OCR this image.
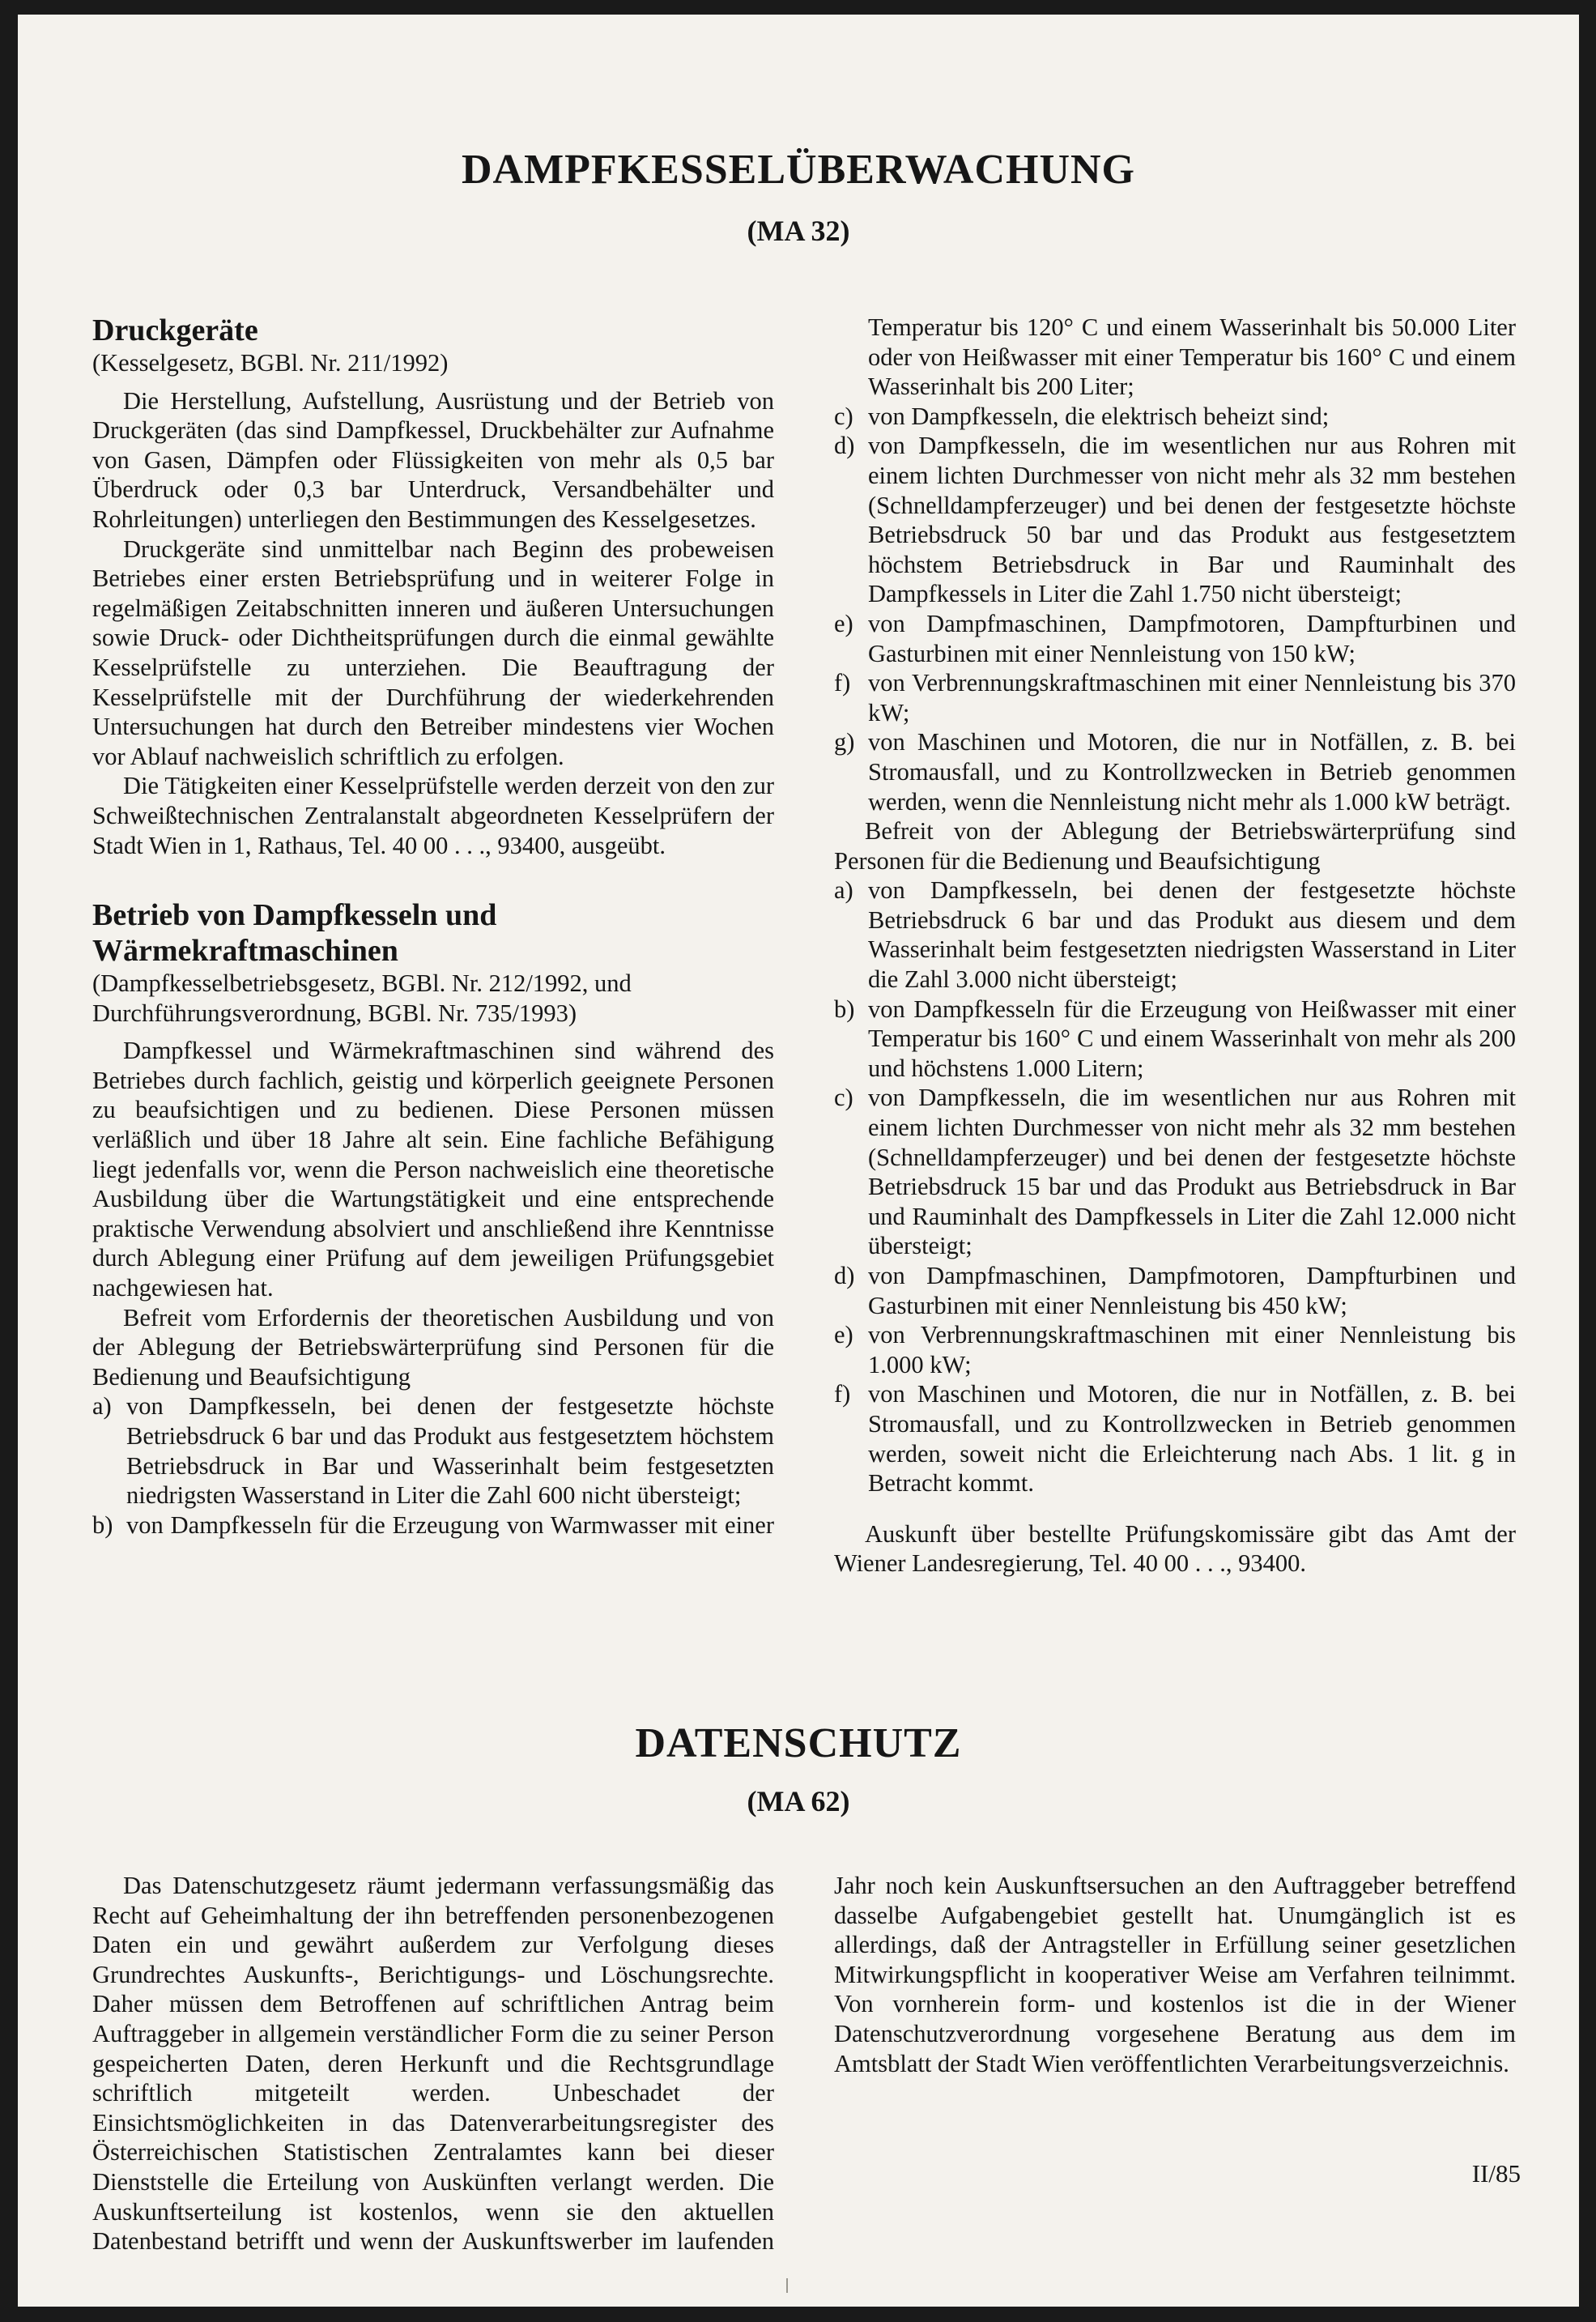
DAMPFKESSELÜBERWACHUNG
(MA 32)
Druckgeräte

(Kesselgesetz, BGBl. Nr. 211/1992)

Die Herstellung, Aufstellung, Ausrüstung und der Betrieb von Druckgeräten (das sind Dampfkessel, Druckbehälter zur Aufnahme von Gasen, Dämpfen oder Flüssigkeiten von mehr als 0,5 bar Überdruck oder 0,3 bar Unterdruck, Versandbehälter und Rohrleitungen) unterliegen den Bestimmungen des Kesselgesetzes.

Druckgeräte sind unmittelbar nach Beginn des probeweisen Betriebes einer ersten Betriebsprüfung und in weiterer Folge in regelmäßigen Zeitabschnitten inneren und äußeren Untersuchungen sowie Druck- oder Dichtheitsprüfungen durch die einmal gewählte Kesselprüfstelle zu unterziehen. Die Beauftragung der Kesselprüfstelle mit der Durchführung der wiederkehrenden Untersuchungen hat durch den Betreiber mindestens vier Wochen vor Ablauf nachweislich schriftlich zu erfolgen.

Die Tätigkeiten einer Kesselprüfstelle werden derzeit von den zur Schweißtechnischen Zentralanstalt abgeordneten Kesselprüfern der Stadt Wien in 1, Rathaus, Tel. 40 00 . . ., 93400, ausgeübt.

Betrieb von Dampfkesseln und Wärmekraftmaschinen

(Dampfkesselbetriebsgesetz, BGBl. Nr. 212/1992, und Durchführungsverordnung, BGBl. Nr. 735/1993)

Dampfkessel und Wärmekraftmaschinen sind während des Betriebes durch fachlich, geistig und körperlich geeignete Personen zu beaufsichtigen und zu bedienen. Diese Personen müssen verläßlich und über 18 Jahre alt sein. Eine fachliche Befähigung liegt jedenfalls vor, wenn die Person nachweislich eine theoretische Ausbildung über die Wartungstätigkeit und eine entsprechende praktische Verwendung absolviert und anschließend ihre Kenntnisse durch Ablegung einer Prüfung auf dem jeweiligen Prüfungsgebiet nachgewiesen hat.

Befreit vom Erfordernis der theoretischen Ausbildung und von der Ablegung der Betriebswärterprüfung sind Personen für die Bedienung und Beaufsichtigung

a) von Dampfkesseln, bei denen der festgesetzte höchste Betriebsdruck 6 bar und das Produkt aus festgesetztem höchstem Betriebsdruck in Bar und Wasserinhalt beim festgesetzten niedrigsten Wasserstand in Liter die Zahl 600 nicht übersteigt;
b) von Dampfkesseln für die Erzeugung von Warmwasser mit einer
Temperatur bis 120° C und einem Wasserinhalt bis 50.000 Liter oder von Heißwasser mit einer Temperatur bis 160° C und einem Wasserinhalt bis 200 Liter;
c) von Dampfkesseln, die elektrisch beheizt sind;
d) von Dampfkesseln, die im wesentlichen nur aus Rohren mit einem lichten Durchmesser von nicht mehr als 32 mm bestehen (Schnelldampferzeuger) und bei denen der festgesetzte höchste Betriebsdruck 50 bar und das Produkt aus festgesetztem höchstem Betriebsdruck in Bar und Rauminhalt des Dampfkessels in Liter die Zahl 1.750 nicht übersteigt;
e) von Dampfmaschinen, Dampfmotoren, Dampfturbinen und Gasturbinen mit einer Nennleistung von 150 kW;
f) von Verbrennungskraftmaschinen mit einer Nennleistung bis 370 kW;
g) von Maschinen und Motoren, die nur in Notfällen, z. B. bei Stromausfall, und zu Kontrollzwecken in Betrieb genommen werden, wenn die Nennleistung nicht mehr als 1.000 kW beträgt.

Befreit von der Ablegung der Betriebswärterprüfung sind Personen für die Bedienung und Beaufsichtigung

a) von Dampfkesseln, bei denen der festgesetzte höchste Betriebsdruck 6 bar und das Produkt aus diesem und dem Wasserinhalt beim festgesetzten niedrigsten Wasserstand in Liter die Zahl 3.000 nicht übersteigt;
b) von Dampfkesseln für die Erzeugung von Heißwasser mit einer Temperatur bis 160° C und einem Wasserinhalt von mehr als 200 und höchstens 1.000 Litern;
c) von Dampfkesseln, die im wesentlichen nur aus Rohren mit einem lichten Durchmesser von nicht mehr als 32 mm bestehen (Schnelldampferzeuger) und bei denen der festgesetzte höchste Betriebsdruck 15 bar und das Produkt aus Betriebsdruck in Bar und Rauminhalt des Dampfkessels in Liter die Zahl 12.000 nicht übersteigt;
d) von Dampfmaschinen, Dampfmotoren, Dampfturbinen und Gasturbinen mit einer Nennleistung bis 450 kW;
e) von Verbrennungskraftmaschinen mit einer Nennleistung bis 1.000 kW;
f) von Maschinen und Motoren, die nur in Notfällen, z. B. bei Stromausfall, und zu Kontrollzwecken in Betrieb genommen werden, soweit nicht die Erleichterung nach Abs. 1 lit. g in Betracht kommt.

Auskunft über bestellte Prüfungskomissäre gibt das Amt der Wiener Landesregierung, Tel. 40 00 . . ., 93400.

DATENSCHUTZ
(MA 62)

Das Datenschutzgesetz räumt jedermann verfassungsmäßig das Recht auf Geheimhaltung der ihn betreffenden personenbezogenen Daten ein und gewährt außerdem zur Verfolgung dieses Grundrechtes Auskunfts-, Berichtigungs- und Löschungsrechte. Daher müssen dem Betroffenen auf schriftlichen Antrag beim Auftraggeber in allgemein verständlicher Form die zu seiner Person gespeicherten Daten, deren Herkunft und die Rechtsgrundlage schriftlich mitgeteilt werden. Unbeschadet der Einsichtsmöglichkeiten in das Datenverarbeitungsregister des Österreichischen Statistischen Zentralamtes kann bei dieser Dienststelle die Erteilung von Auskünften verlangt werden. Die Auskunftserteilung ist kostenlos, wenn sie den aktuellen Datenbestand betrifft und wenn der Auskunftswerber im laufenden

Jahr noch kein Auskunftsersuchen an den Auftraggeber betreffend dasselbe Aufgabengebiet gestellt hat. Unumgänglich ist es allerdings, daß der Antragsteller in Erfüllung seiner gesetzlichen Mitwirkungspflicht in kooperativer Weise am Verfahren teilnimmt. Von vornherein form- und kostenlos ist die in der Wiener Datenschutzverordnung vorgesehene Beratung aus dem im Amtsblatt der Stadt Wien veröffentlichten Verarbeitungsverzeichnis.

II/85
